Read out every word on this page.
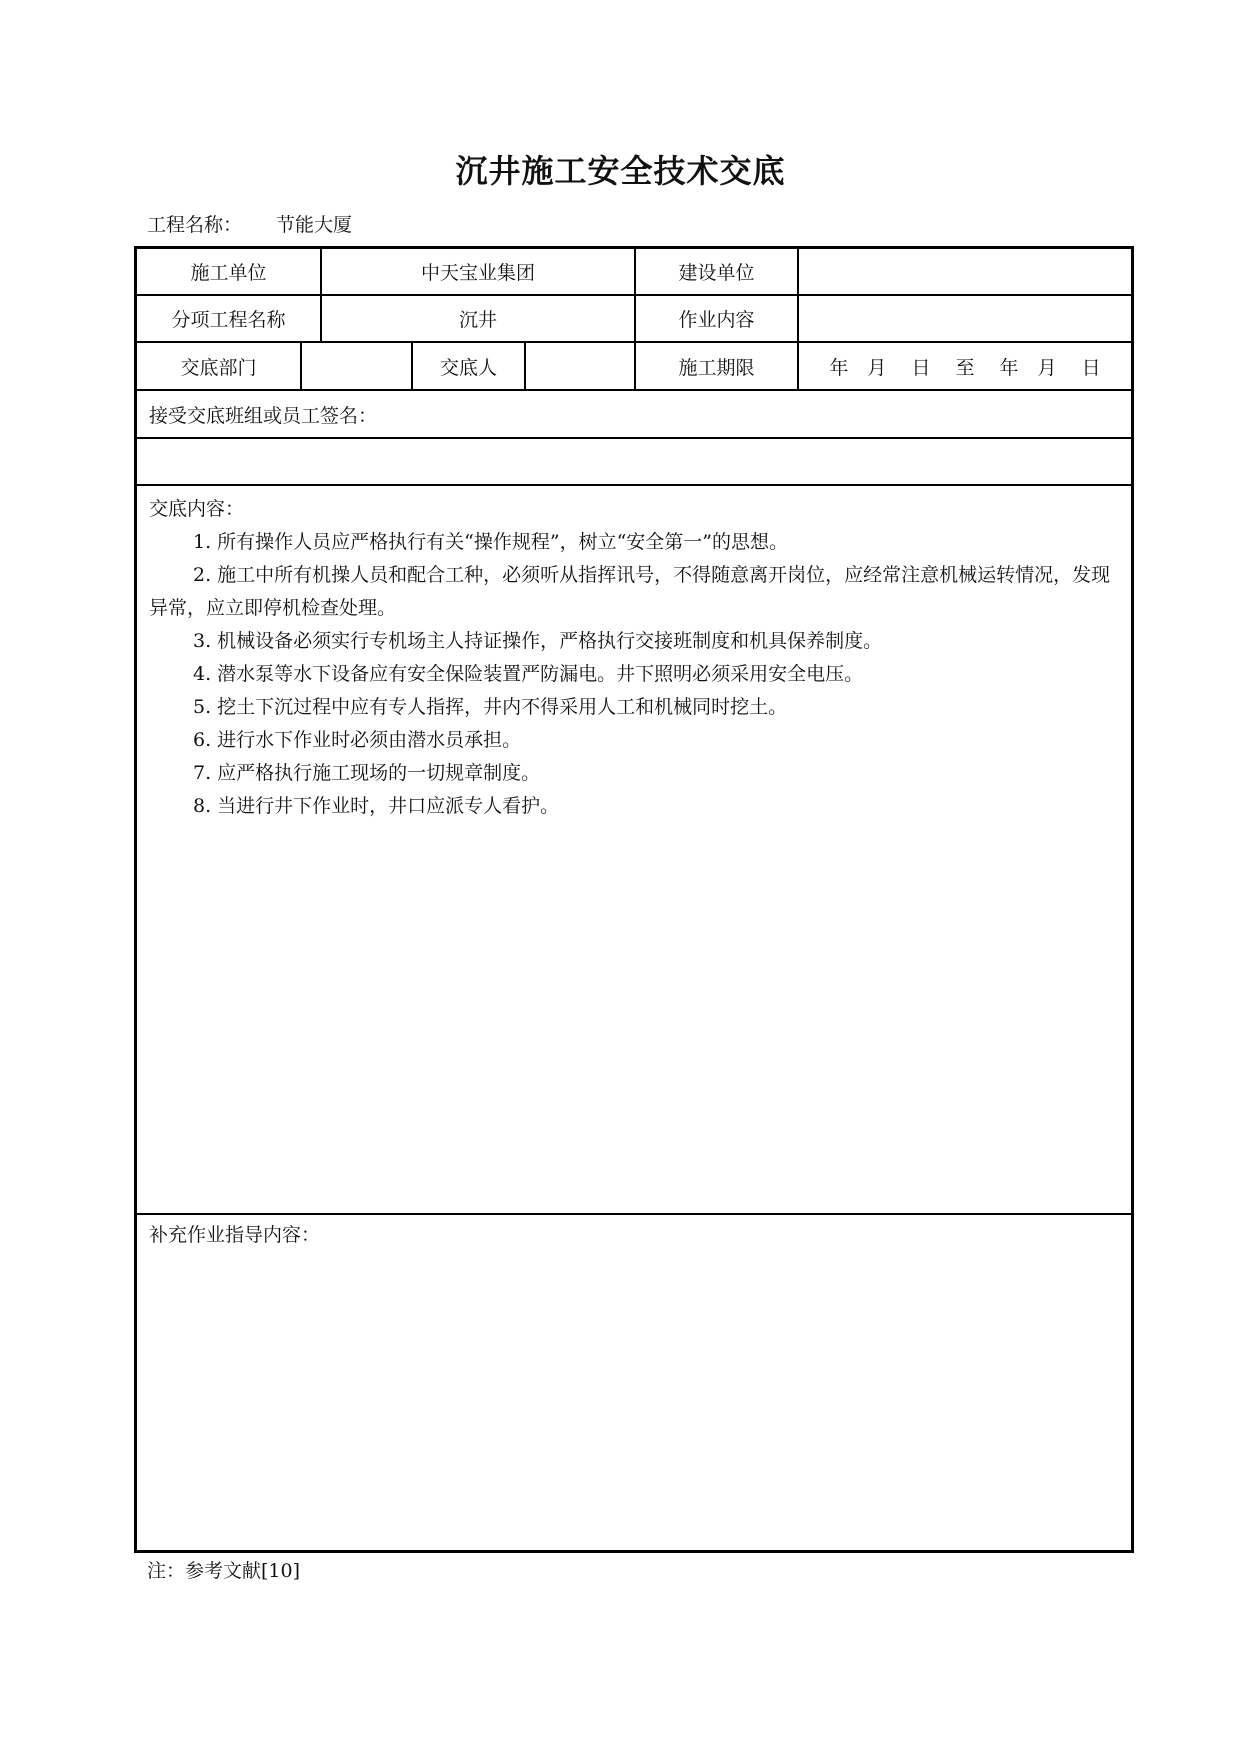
沉井施工安全技术交底
工程名称： 节能大厦
施工单位	中天宝业集团	建设单位
分项工程名称	沉井	作业内容
交底部门	交底人	施工期限	年　月　 日　 至　 年　月　 日
接受交底班组或员工签名：
交底内容：

1. 所有操作人员应严格执行有关“操作规程”，树立“安全第一”的思想。

2. 施工中所有机操人员和配合工种，必须听从指挥讯号，不得随意离开岗位，应经常注意机械运转情况，发现异常，应立即停机检查处理。

3. 机械设备必须实行专机场主人持证操作，严格执行交接班制度和机具保养制度。

4. 潜水泵等水下设备应有安全保险装置严防漏电。井下照明必须采用安全电压。

5. 挖土下沉过程中应有专人指挥，井内不得采用人工和机械同时挖土。

6. 进行水下作业时必须由潜水员承担。

7. 应严格执行施工现场的一切规章制度。

8. 当进行井下作业时，井口应派专人看护。

补充作业指导内容：
注：参考文献[10]
